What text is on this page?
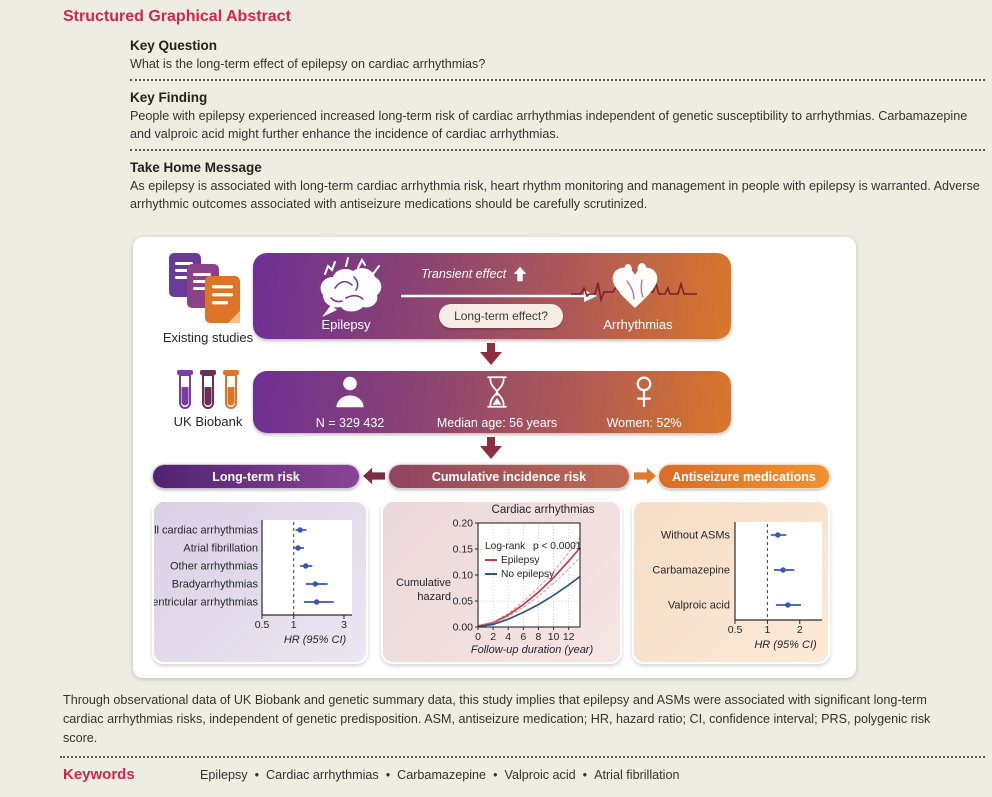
Structured Graphical Abstract
Key Question
What is the long-term effect of epilepsy on cardiac arrhythmias?
Key Finding
People with epilepsy experienced increased long-term risk of cardiac arrhythmias independent of genetic susceptibility to arrhythmias. Carbamazepine and valproic acid might further enhance the incidence of cardiac arrhythmias.
Take Home Message
As epilepsy is associated with long-term cardiac arrhythmia risk, heart rhythm monitoring and management in people with epilepsy is warranted. Adverse arrhythmic outcomes associated with antiseizure medications should be carefully scrutinized.
Existing studies
Epilepsy
Transient effect
Long-term effect?
Arrhythmias
UK Biobank	N = 329 432	Median age: 56 years	Women: 52%
Long-term risk	Cumulative incidence risk	Antiseizure medications
All cardiac arrhythmias
Atrial fibrillation
Other arrhythmias
Bradyarrhythmias
Ventricular arrhythmias
0.5 1	3
HR (95% CI)
Cardiac arrhythmias
0.00
0.05
0.10
0.15
0.20
0 2 4 6 8 10 12
Cumulative
hazard
Follow-up duration (year)
Log-rank p < 0.0001
Epilepsy
No epilepsy
Without ASMs
Carbamazepine
Valproic acid
0.5 1	2
HR (95% CI)
Through observational data of UK Biobank and genetic summary data, this study implies that epilepsy and ASMs were associated with significant long-term cardiac arrhythmias risks, independent of genetic predisposition. ASM, antiseizure medication; HR, hazard ratio; CI, confidence interval; PRS, polygenic risk score.
Keywords	Epilepsy • Cardiac arrhythmias • Carbamazepine • Valproic acid • Atrial fibrillation
